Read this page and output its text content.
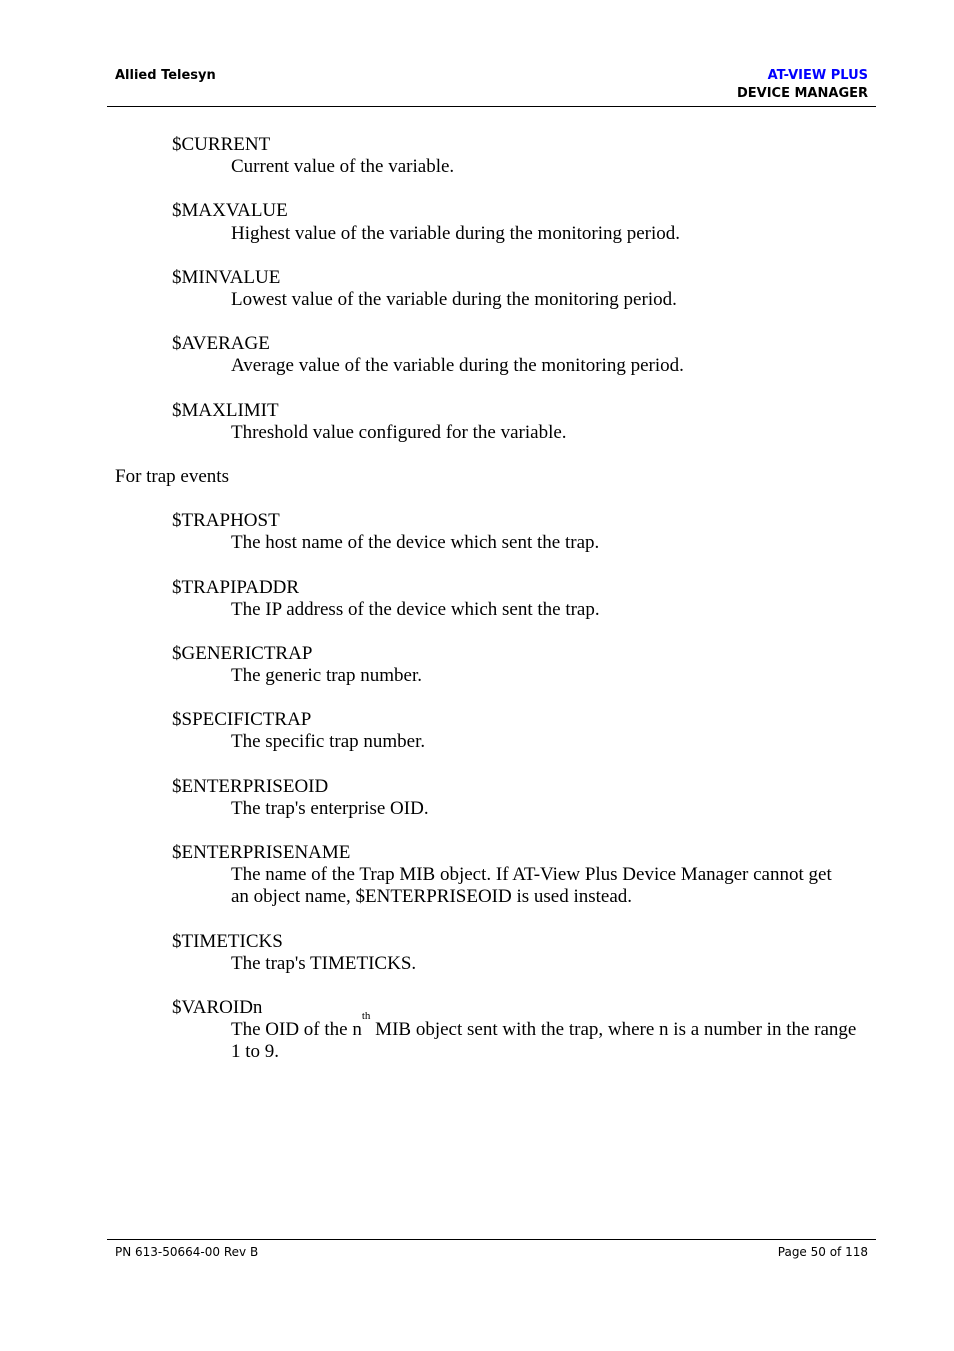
Allied Telesyn	AT-VIEW PLUS
DEVICE MANAGER
$CURRENT
Current value of the variable.
$MAXVALUE
Highest value of the variable during the monitoring period.
$MINVALUE
Lowest value of the variable during the monitoring period.
$AVERAGE
Average value of the variable during the monitoring period.
$MAXLIMIT
Threshold value configured for the variable.
For trap events
$TRAPHOST
The host name of the device which sent the trap.
$TRAPIPADDR
The IP address of the device which sent the trap.
$GENERICTRAP
The generic trap number.
$SPECIFICTRAP
The specific trap number.
$ENTERPRISEOID
The trap's enterprise OID.
$ENTERPRISENAME
The name of the Trap MIB object. If AT-View Plus Device Manager cannot get
an object name, $ENTERPRISEOID is used instead.
$TIMETICKS
The trap's TIMETICKS.
$VAROIDn
The OID of the $n^{th}$ MIB object sent with the trap, where n is a number in the range
1 to 9.
PN 613-50664-00 Rev B	Page 50 of 118
